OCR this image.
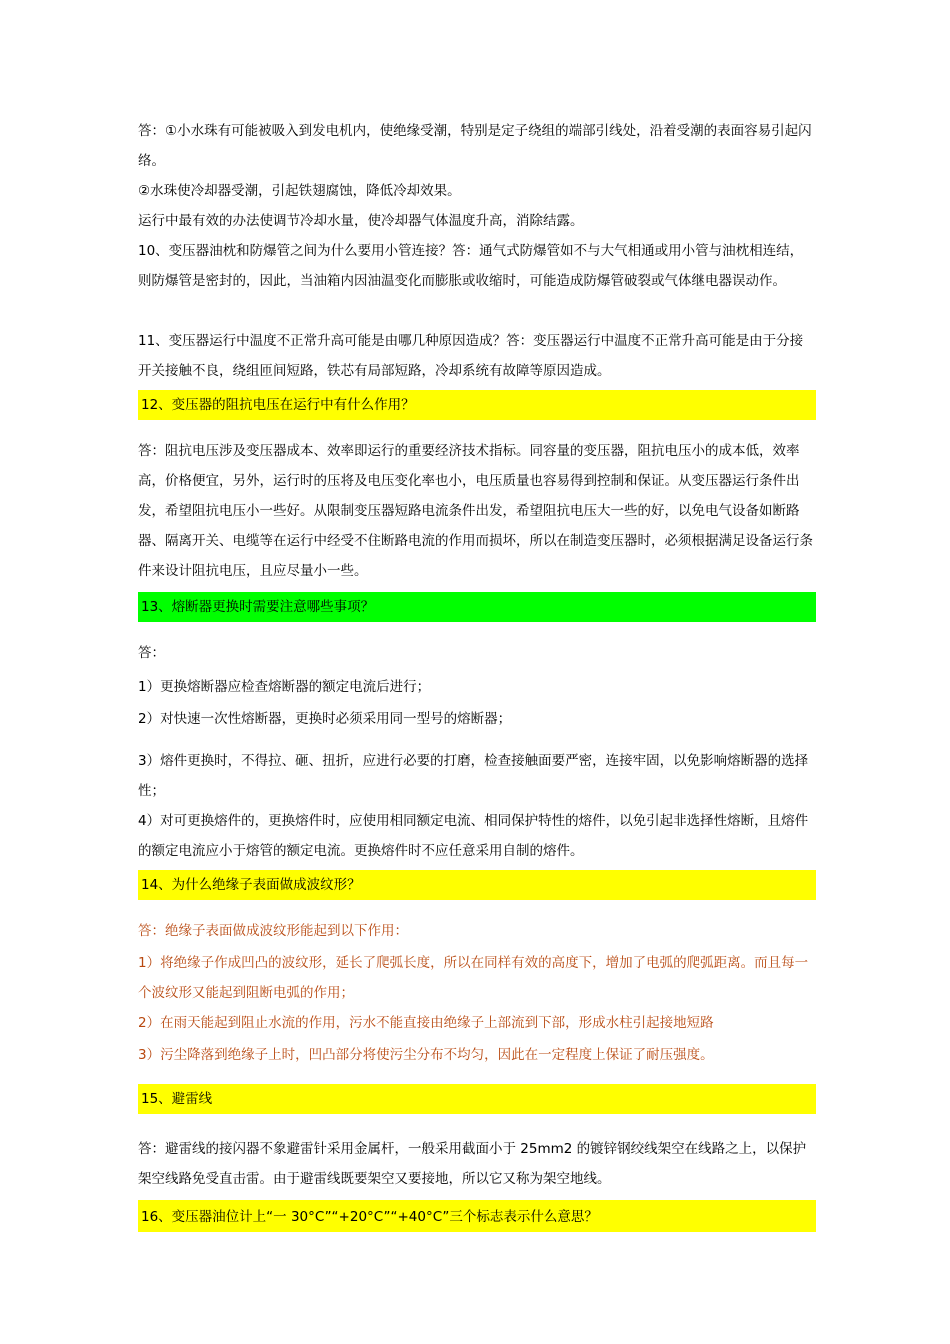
答：①小水珠有可能被吸入到发电机内，使绝缘受潮，特别是定子绕组的端部引线处，沿着受潮的表面容易引起闪络。
②水珠使冷却器受潮，引起铁翅腐蚀，降低冷却效果。
运行中最有效的办法使调节冷却水量，使冷却器气体温度升高，消除结露。
10、变压器油枕和防爆管之间为什么要用小管连接？答：通气式防爆管如不与大气相通或用小管与油枕相连结，则防爆管是密封的，因此，当油箱内因油温变化而膨胀或收缩时，可能造成防爆管破裂或气体继电器误动作。
11、变压器运行中温度不正常升高可能是由哪几种原因造成？答：变压器运行中温度不正常升高可能是由于分接开关接触不良，绕组匝间短路，铁芯有局部短路，冷却系统有故障等原因造成。
12、变压器的阻抗电压在运行中有什么作用？
答：阻抗电压涉及变压器成本、效率即运行的重要经济技术指标。同容量的变压器，阻抗电压小的成本低，效率高，价格便宜，另外，运行时的压将及电压变化率也小，电压质量也容易得到控制和保证。从变压器运行条件出发，希望阻抗电压小一些好。从限制变压器短路电流条件出发，希望阻抗电压大一些的好，以免电气设备如断路器、隔离开关、电缆等在运行中经受不住断路电流的作用而损坏，所以在制造变压器时，必须根据满足设备运行条件来设计阻抗电压，且应尽量小一些。
13、熔断器更换时需要注意哪些事项？
答：
1）更换熔断器应检查熔断器的额定电流后进行；
2）对快速一次性熔断器，更换时必须采用同一型号的熔断器；
3）熔件更换时，不得拉、砸、扭折，应进行必要的打磨，检查接触面要严密，连接牢固，以免影响熔断器的选择性；
4）对可更换熔件的，更换熔件时，应使用相同额定电流、相同保护特性的熔件，以免引起非选择性熔断，且熔件的额定电流应小于熔管的额定电流。更换熔件时不应任意采用自制的熔件。
14、为什么绝缘子表面做成波纹形？
答：绝缘子表面做成波纹形能起到以下作用：
1）将绝缘子作成凹凸的波纹形，延长了爬弧长度，所以在同样有效的高度下，增加了电弧的爬弧距离。而且每一个波纹形又能起到阻断电弧的作用；
2）在雨天能起到阻止水流的作用，污水不能直接由绝缘子上部流到下部，形成水柱引起接地短路
3）污尘降落到绝缘子上时，凹凸部分将使污尘分布不均匀，因此在一定程度上保证了耐压强度。
15、避雷线
答：避雷线的接闪器不象避雷针采用金属杆，一般采用截面小于 25mm2 的镀锌钢绞线架空在线路之上，以保护架空线路免受直击雷。由于避雷线既要架空又要接地，所以它又称为架空地线。
16、变压器油位计上“一 30°C”“+20°C”“+40°C”三个标志表示什么意思？
